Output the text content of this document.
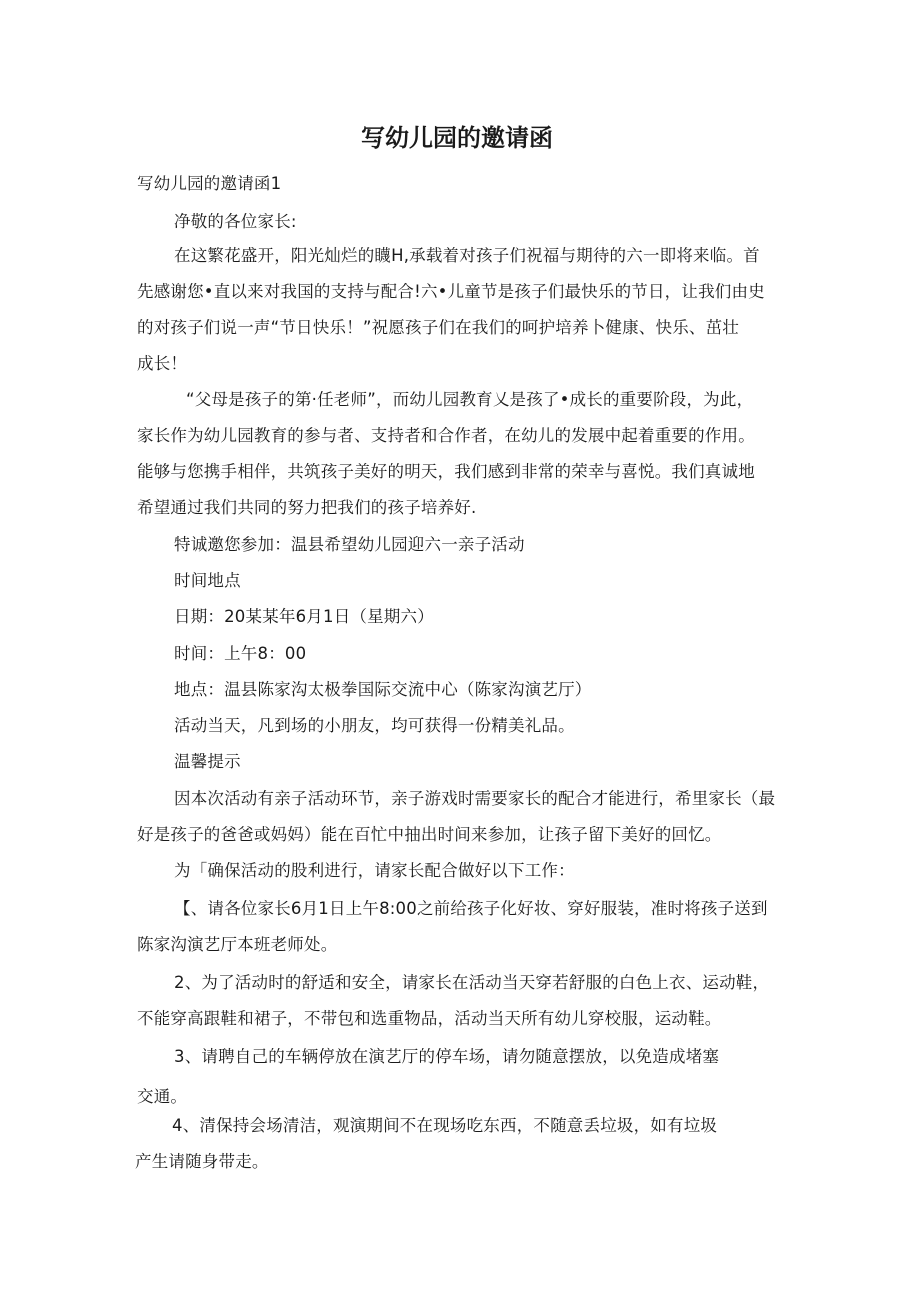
写幼儿园的邀请函
写幼儿园的邀请函1
净敬的各位家长:
在这繁花盛开，阳光灿烂的䁾H,承载着对孩子们祝福与期待的六一即将来临。首
先感谢您•直以来对我国的支持与配合!六•儿童节是孩子们最快乐的节日，让我们由史
的对孩子们说一声“节日快乐！”祝愿孩子们在我们的呵护培养卜健康、快乐、茁壮
成长！
“父母是孩子的第·任老师”，而幼儿园教育乂是孩了•成长的重要阶段，为此，
家长作为幼儿园教育的参与者、支持者和合作者，在幼儿的发展中起着重要的作用。
能够与您携手相伴，共筑孩子美好的明天，我们感到非常的荣幸与喜悦。我们真诚地
希望通过我们共同的努力把我们的孩子培养好.
特诚邀您参加：温县希望幼儿园迎六一亲子活动
时间地点
日期：20某某年6月1日（星期六）
时间：上午8：00
地点：温县陈家沟太极拳国际交流中心（陈家沟演艺厅）
活动当天，凡到场的小朋友，均可获得一份精美礼品。
温馨提示
因本次活动有亲子活动环节，亲子游戏时需要家长的配合才能进行，希里家长（最
好是孩子的爸爸或妈妈）能在百忙中抽出时间来参加，让孩子留下美好的回忆。
为「确保活动的股利进行，请家长配合做好以下工作：
【、请各位家长6月1日上午8:00之前给孩子化好妆、穿好服装，准时将孩子送到
陈家沟演艺厅本班老师处。
2、为了活动时的舒适和安全，请家长在活动当天穿若舒服的白色上衣、运动鞋，
不能穿高跟鞋和裙子，不带包和选重物品，活动当天所有幼儿穿校服，运动鞋。
3、请聘自己的车辆停放在演艺厅的停车场，请勿随意摆放，以免造成堵塞
交通。
4、清保持会场清洁，观演期间不在现场吃东西，不随意丢垃圾，如有垃圾
产生请随身带走。
